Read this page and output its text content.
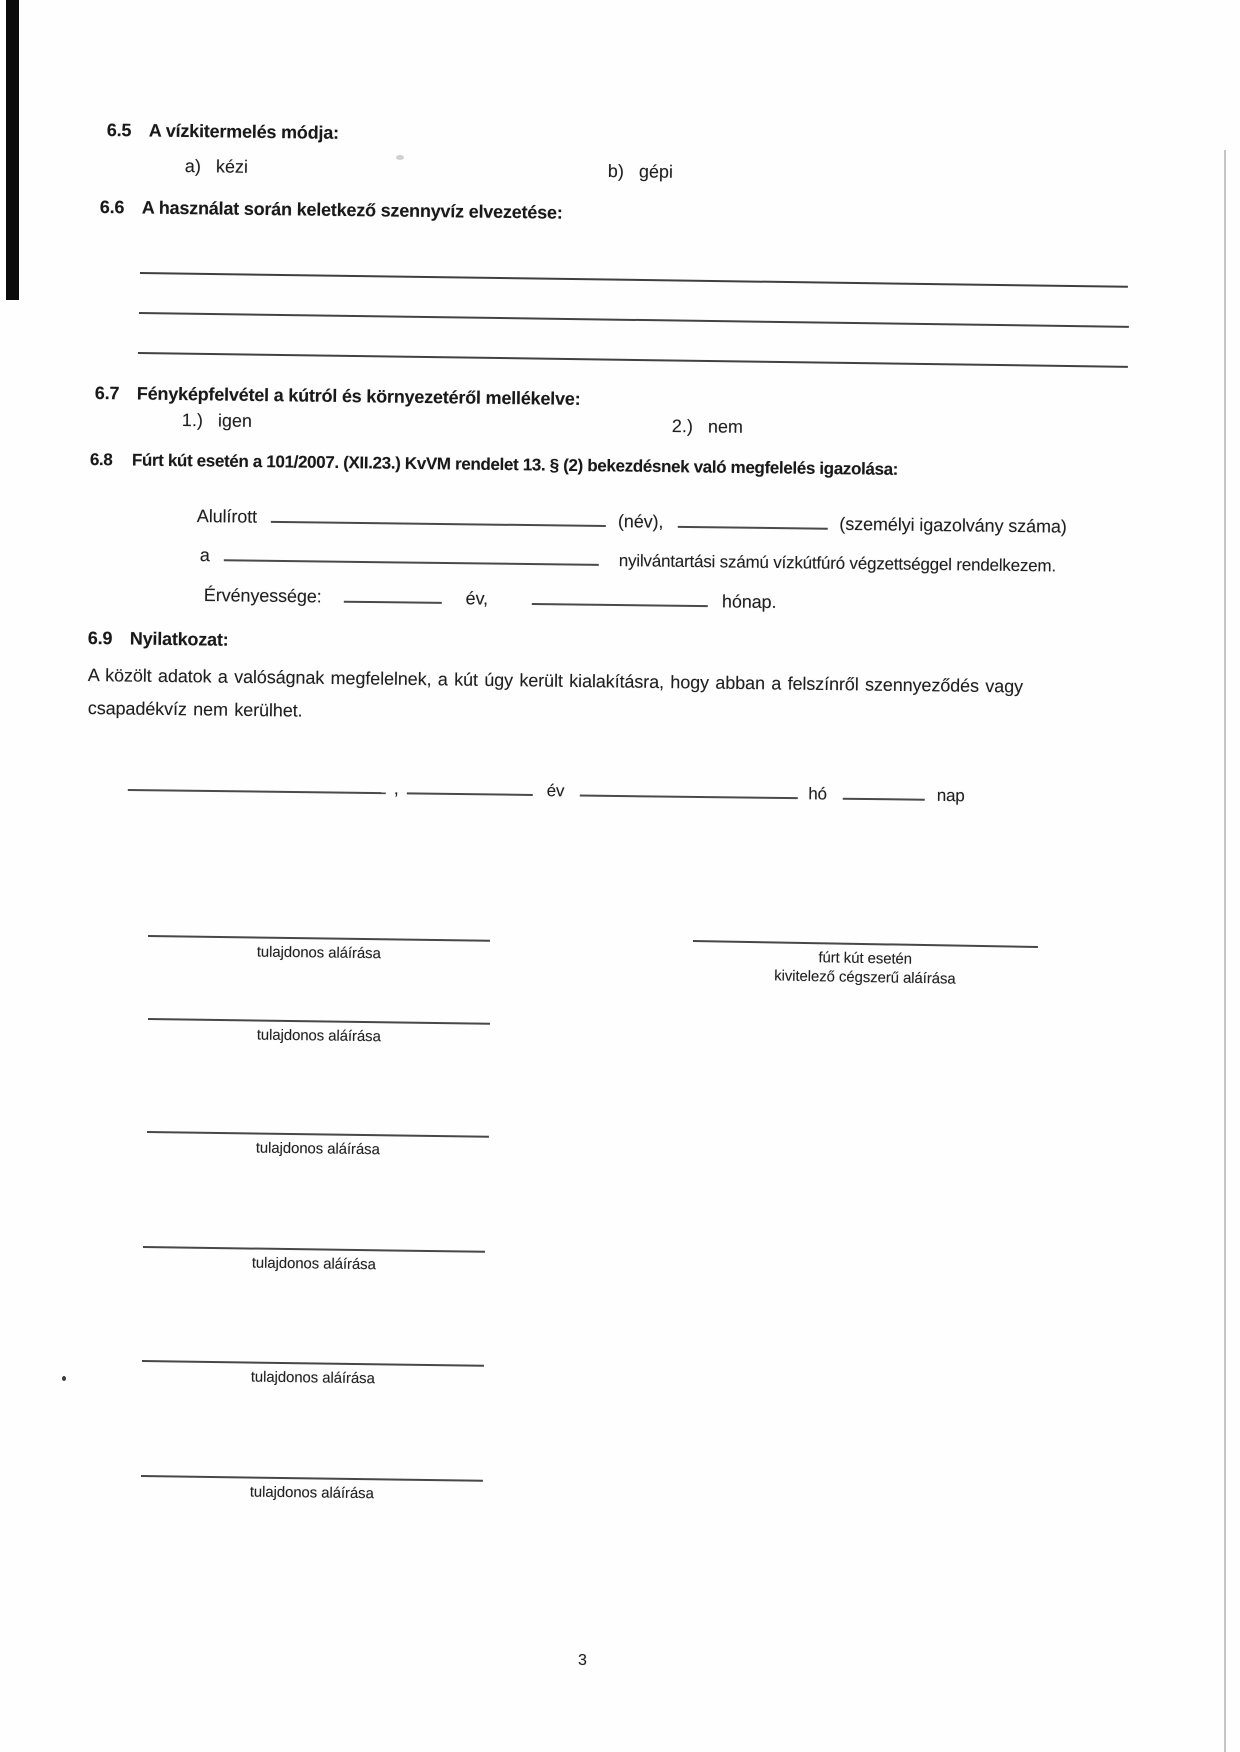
6.5 A vízkitermelés módja:
a) kézi	b) gépi
6.6 A használat során keletkező szennyvíz elvezetése:
6.7 Fényképfelvétel a kútról és környezetéről mellékelve:
1.) igen	2.) nem
6.8	Fúrt kút esetén a 101/2007. (XII.23.) KvVM rendelet 13. § (2) bekezdésnek való megfelelés igazolása:
Alulírott	(név),	(személyi igazolvány száma)
a	nyilvántartási számú vízkútfúró végzettséggel rendelkezem.
Érvényessége:	év,	hónap.
6.9 Nyilatkozat:
A közölt adatok a valóságnak megfelelnek, a kút úgy került kialakításra, hogy abban a felszínről szennyeződés vagy
csapadékvíz nem kerülhet.
,	év	hó	nap
tulajdonos aláírása	fúrt kút esetén
kivitelező cégszerű aláírása
tulajdonos aláírása
tulajdonos aláírása
tulajdonos aláírása
tulajdonos aláírása
tulajdonos aláírása
3
